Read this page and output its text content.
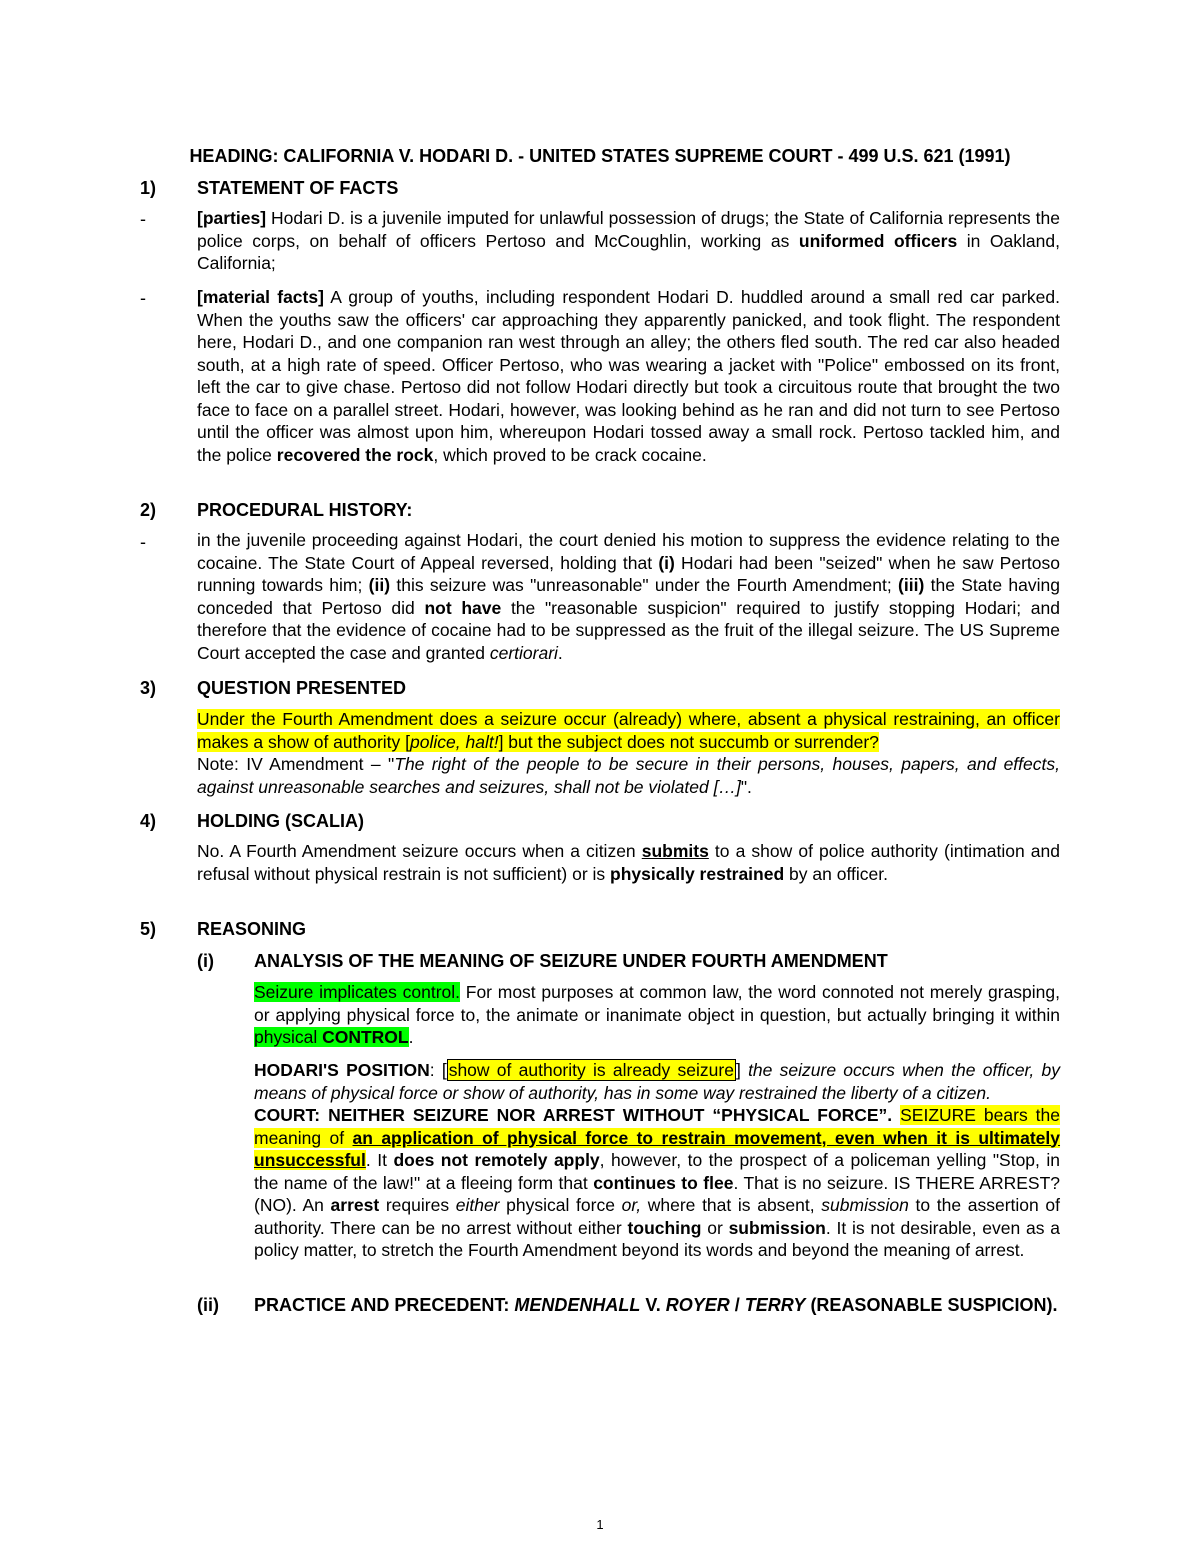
HEADING: CALIFORNIA V. HODARI D. - UNITED STATES SUPREME COURT - 499 U.S. 621 (1991)
1) STATEMENT OF FACTS
-	[parties] Hodari D. is a juvenile imputed for unlawful possession of drugs; the State of California represents the police corps, on behalf of officers Pertoso and McCoughlin, working as uniformed officers in Oakland, California;
-	[material facts] A group of youths, including respondent Hodari D. huddled around a small red car parked. When the youths saw the officers' car approaching they apparently panicked, and took flight. The respondent here, Hodari D., and one companion ran west through an alley; the others fled south. The red car also headed south, at a high rate of speed. Officer Pertoso, who was wearing a jacket with "Police" embossed on its front, left the car to give chase. Pertoso did not follow Hodari directly but took a circuitous route that brought the two face to face on a parallel street. Hodari, however, was looking behind as he ran and did not turn to see Pertoso until the officer was almost upon him, whereupon Hodari tossed away a small rock. Pertoso tackled him, and the police recovered the rock, which proved to be crack cocaine.
2) PROCEDURAL HISTORY:
-	in the juvenile proceeding against Hodari, the court denied his motion to suppress the evidence relating to the cocaine. The State Court of Appeal reversed, holding that (i) Hodari had been "seized" when he saw Pertoso running towards him; (ii) this seizure was "unreasonable" under the Fourth Amendment; (iii) the State having conceded that Pertoso did not have the "reasonable suspicion" required to justify stopping Hodari; and therefore that the evidence of cocaine had to be suppressed as the fruit of the illegal seizure. The US Supreme Court accepted the case and granted certiorari.
3) QUESTION PRESENTED
Under the Fourth Amendment does a seizure occur (already) where, absent a physical restraining, an officer makes a show of authority [police, halt!] but the subject does not succumb or surrender?
Note: IV Amendment – "The right of the people to be secure in their persons, houses, papers, and effects, against unreasonable searches and seizures, shall not be violated […]".
4) HOLDING (SCALIA)
No. A Fourth Amendment seizure occurs when a citizen submits to a show of police authority (intimation and refusal without physical restrain is not sufficient) or is physically restrained by an officer.
5) REASONING
(i) ANALYSIS OF THE MEANING OF SEIZURE UNDER FOURTH AMENDMENT
Seizure implicates control. For most purposes at common law, the word connoted not merely grasping, or applying physical force to, the animate or inanimate object in question, but actually bringing it within physical CONTROL.
HODARI'S POSITION: [ show of authority is already seizure ] the seizure occurs when the officer, by means of physical force or show of authority, has in some way restrained the liberty of a citizen.
COURT: NEITHER SEIZURE NOR ARREST WITHOUT “PHYSICAL FORCE”. SEIZURE bears the meaning of an application of physical force to restrain movement, even when it is ultimately unsuccessful. It does not remotely apply, however, to the prospect of a policeman yelling "Stop, in the name of the law!" at a fleeing form that continues to flee. That is no seizure. IS THERE ARREST? (NO). An arrest requires either physical force or, where that is absent, submission to the assertion of authority. There can be no arrest without either touching or submission. It is not desirable, even as a policy matter, to stretch the Fourth Amendment beyond its words and beyond the meaning of arrest.
(ii) PRACTICE AND PRECEDENT: MENDENHALL V. ROYER / TERRY (REASONABLE SUSPICION).
1
